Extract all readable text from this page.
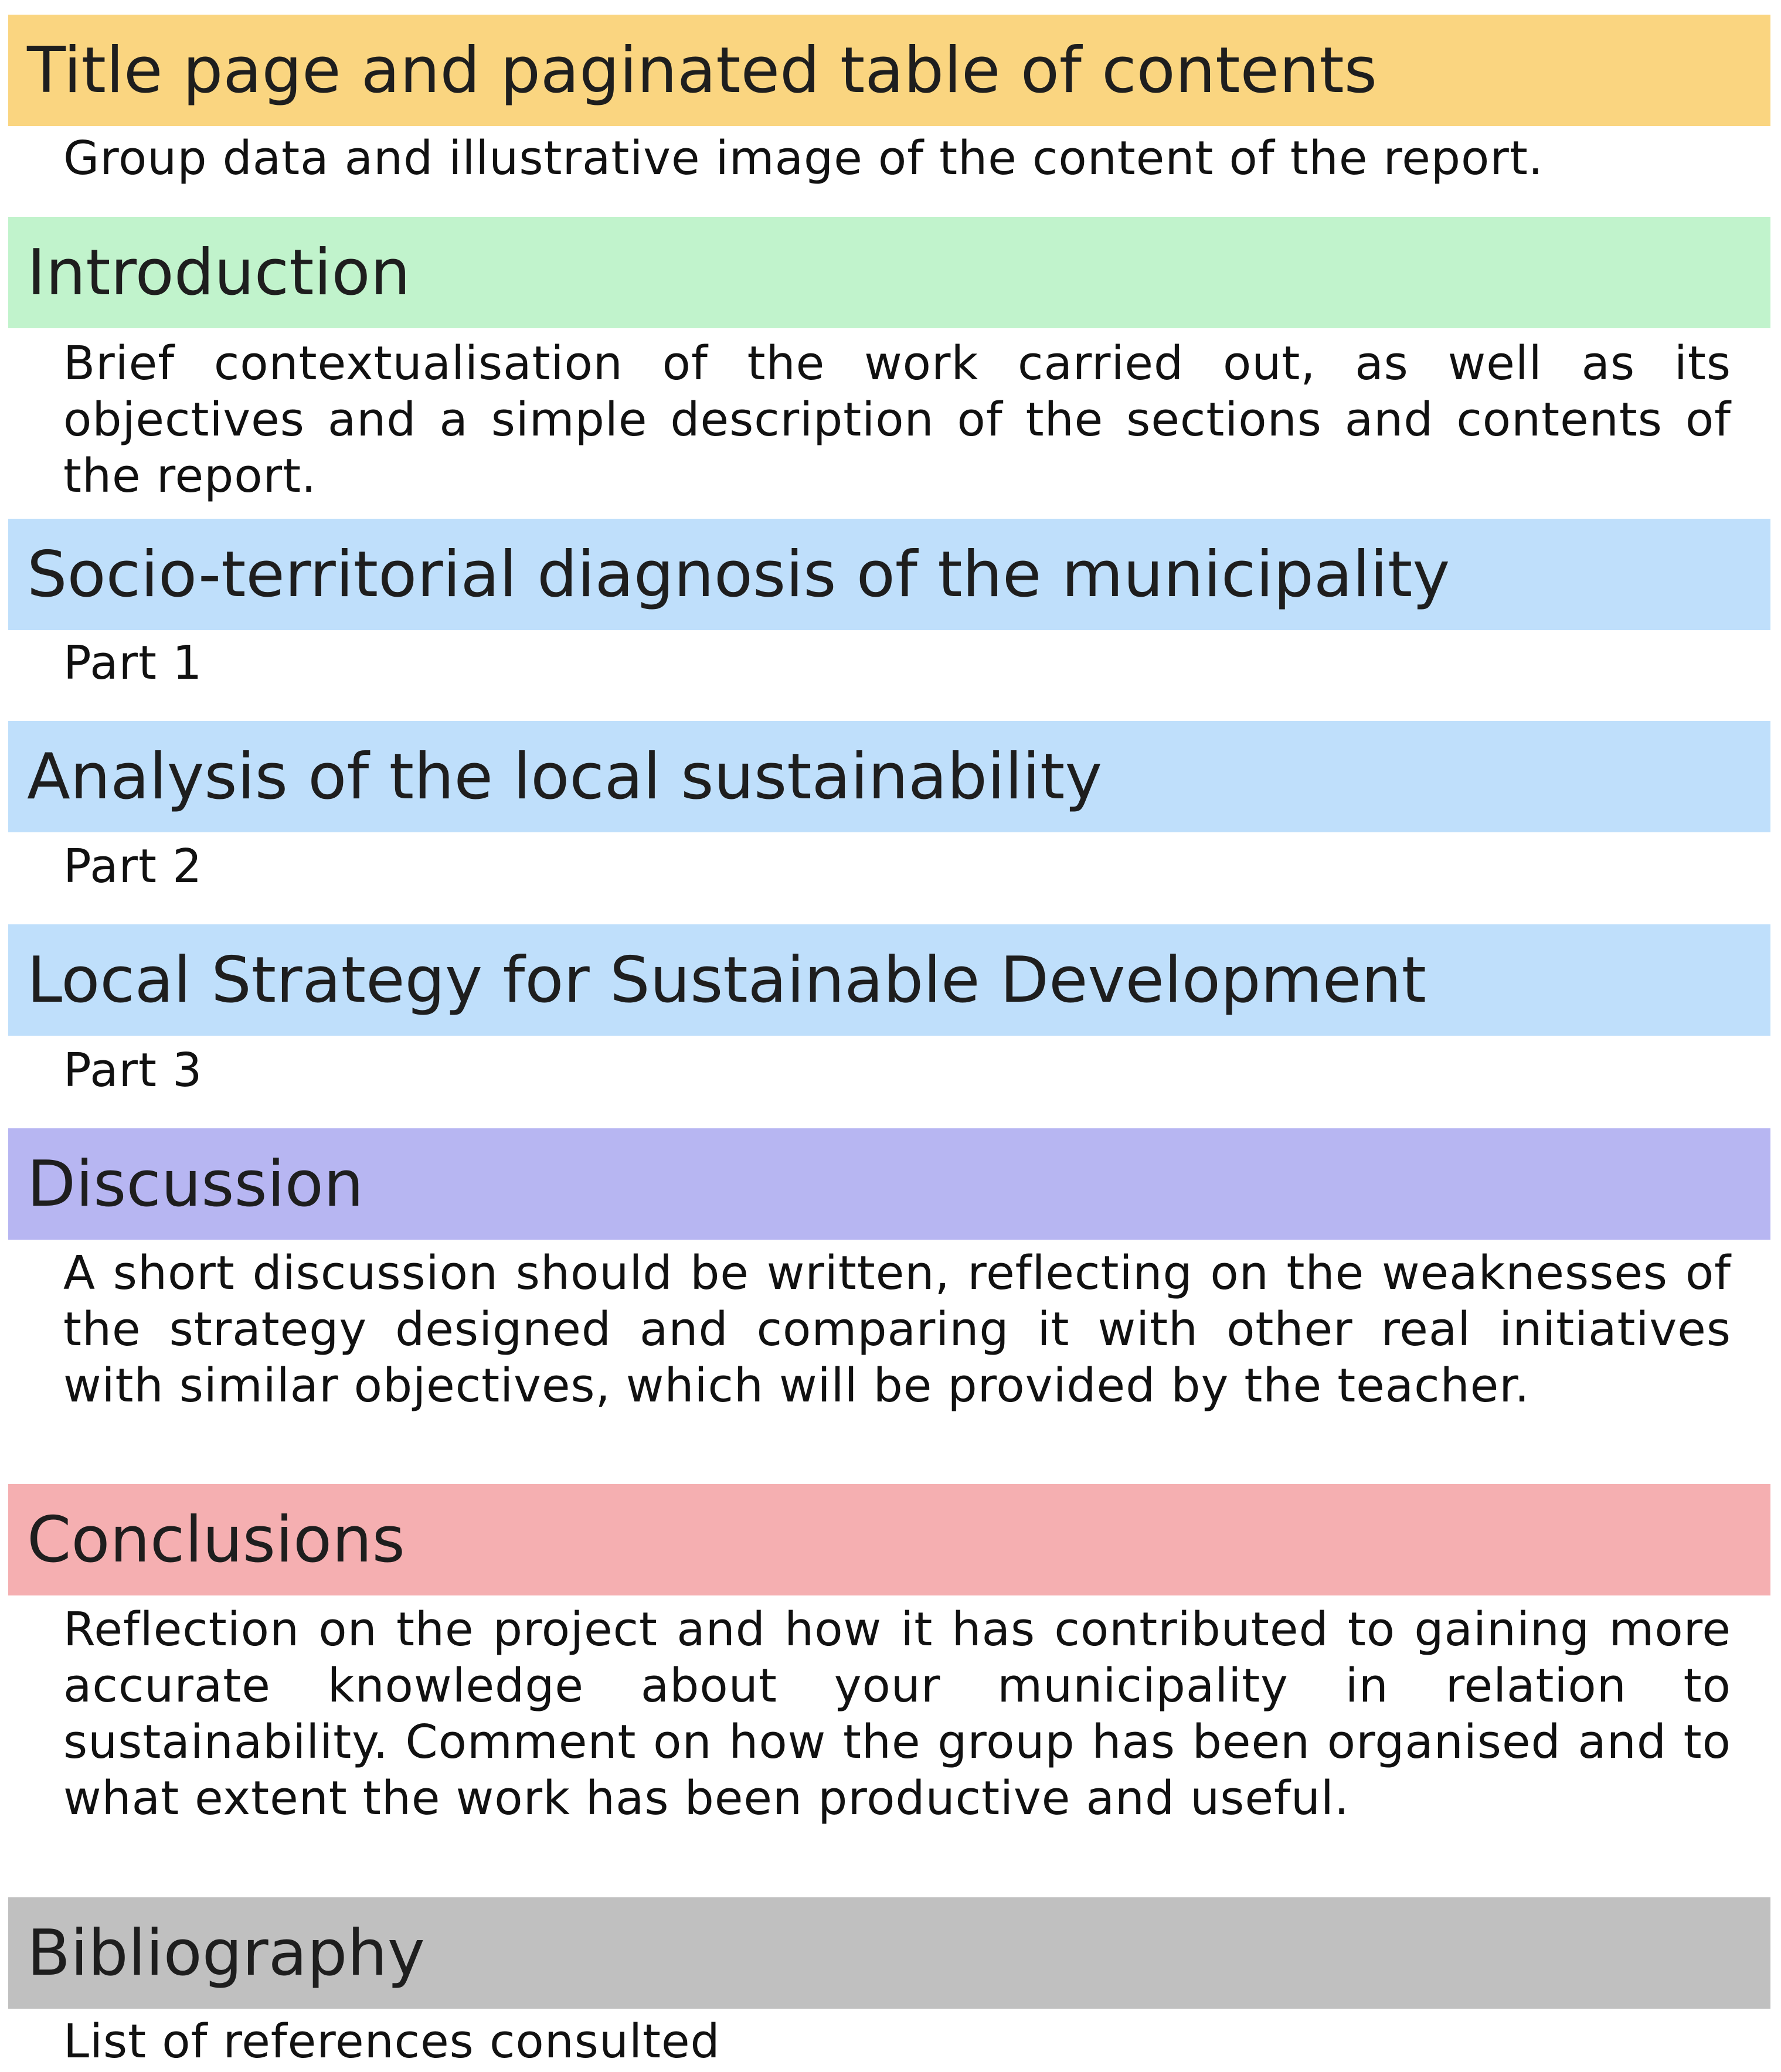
Title page and paginated table of contents
Group data and illustrative image of the content of the report.
Introduction
Brief contextualisation of the work carried out, as well as its objectives and a simple description of the sections and contents of the report.
Socio-territorial diagnosis of the municipality
Part 1
Analysis of the local sustainability
Part 2
Local Strategy for Sustainable Development
Part 3
Discussion
A short discussion should be written, reflecting on the weaknesses of the strategy designed and comparing it with other real initiatives with similar objectives, which will be provided by the teacher.
Conclusions
Reflection on the project and how it has contributed to gaining more accurate knowledge about your municipality in relation to sustainability. Comment on how the group has been organised and to what extent the work has been productive and useful.
Bibliography
List of references consulted
